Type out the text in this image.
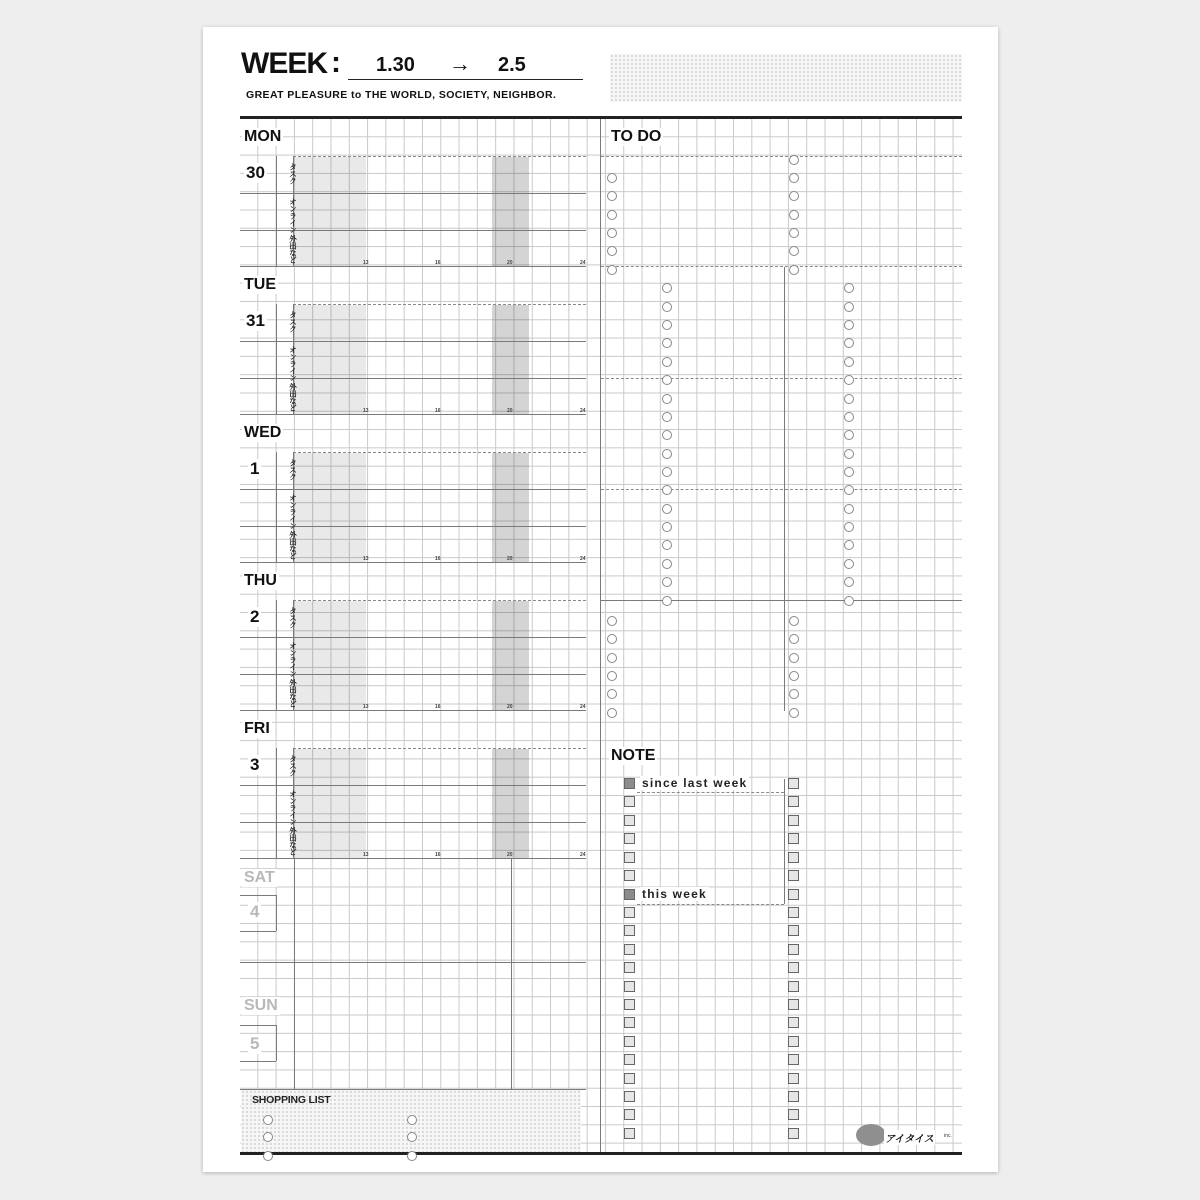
WEEK : 1.30 → 2.5
GREAT PLEASURE to THE WORLD, SOCIETY, NEIGHBOR.
MON
30	タスク
オンライン
外出など	13	16	20	24
TUE
31	タスク
オンライン
外出など	13	16	20	24
WED
1	タスク
オンライン
外出など	13	16	20	24
THU
2	タスク
オンライン
外出など	13	16	20	24
FRI
3	タスク
オンライン
外出など	13	16	20	24
SAT
4
SUN
5
SHOPPING LIST
TO DO
NOTE
since last week
this week
アイタイス inc.
